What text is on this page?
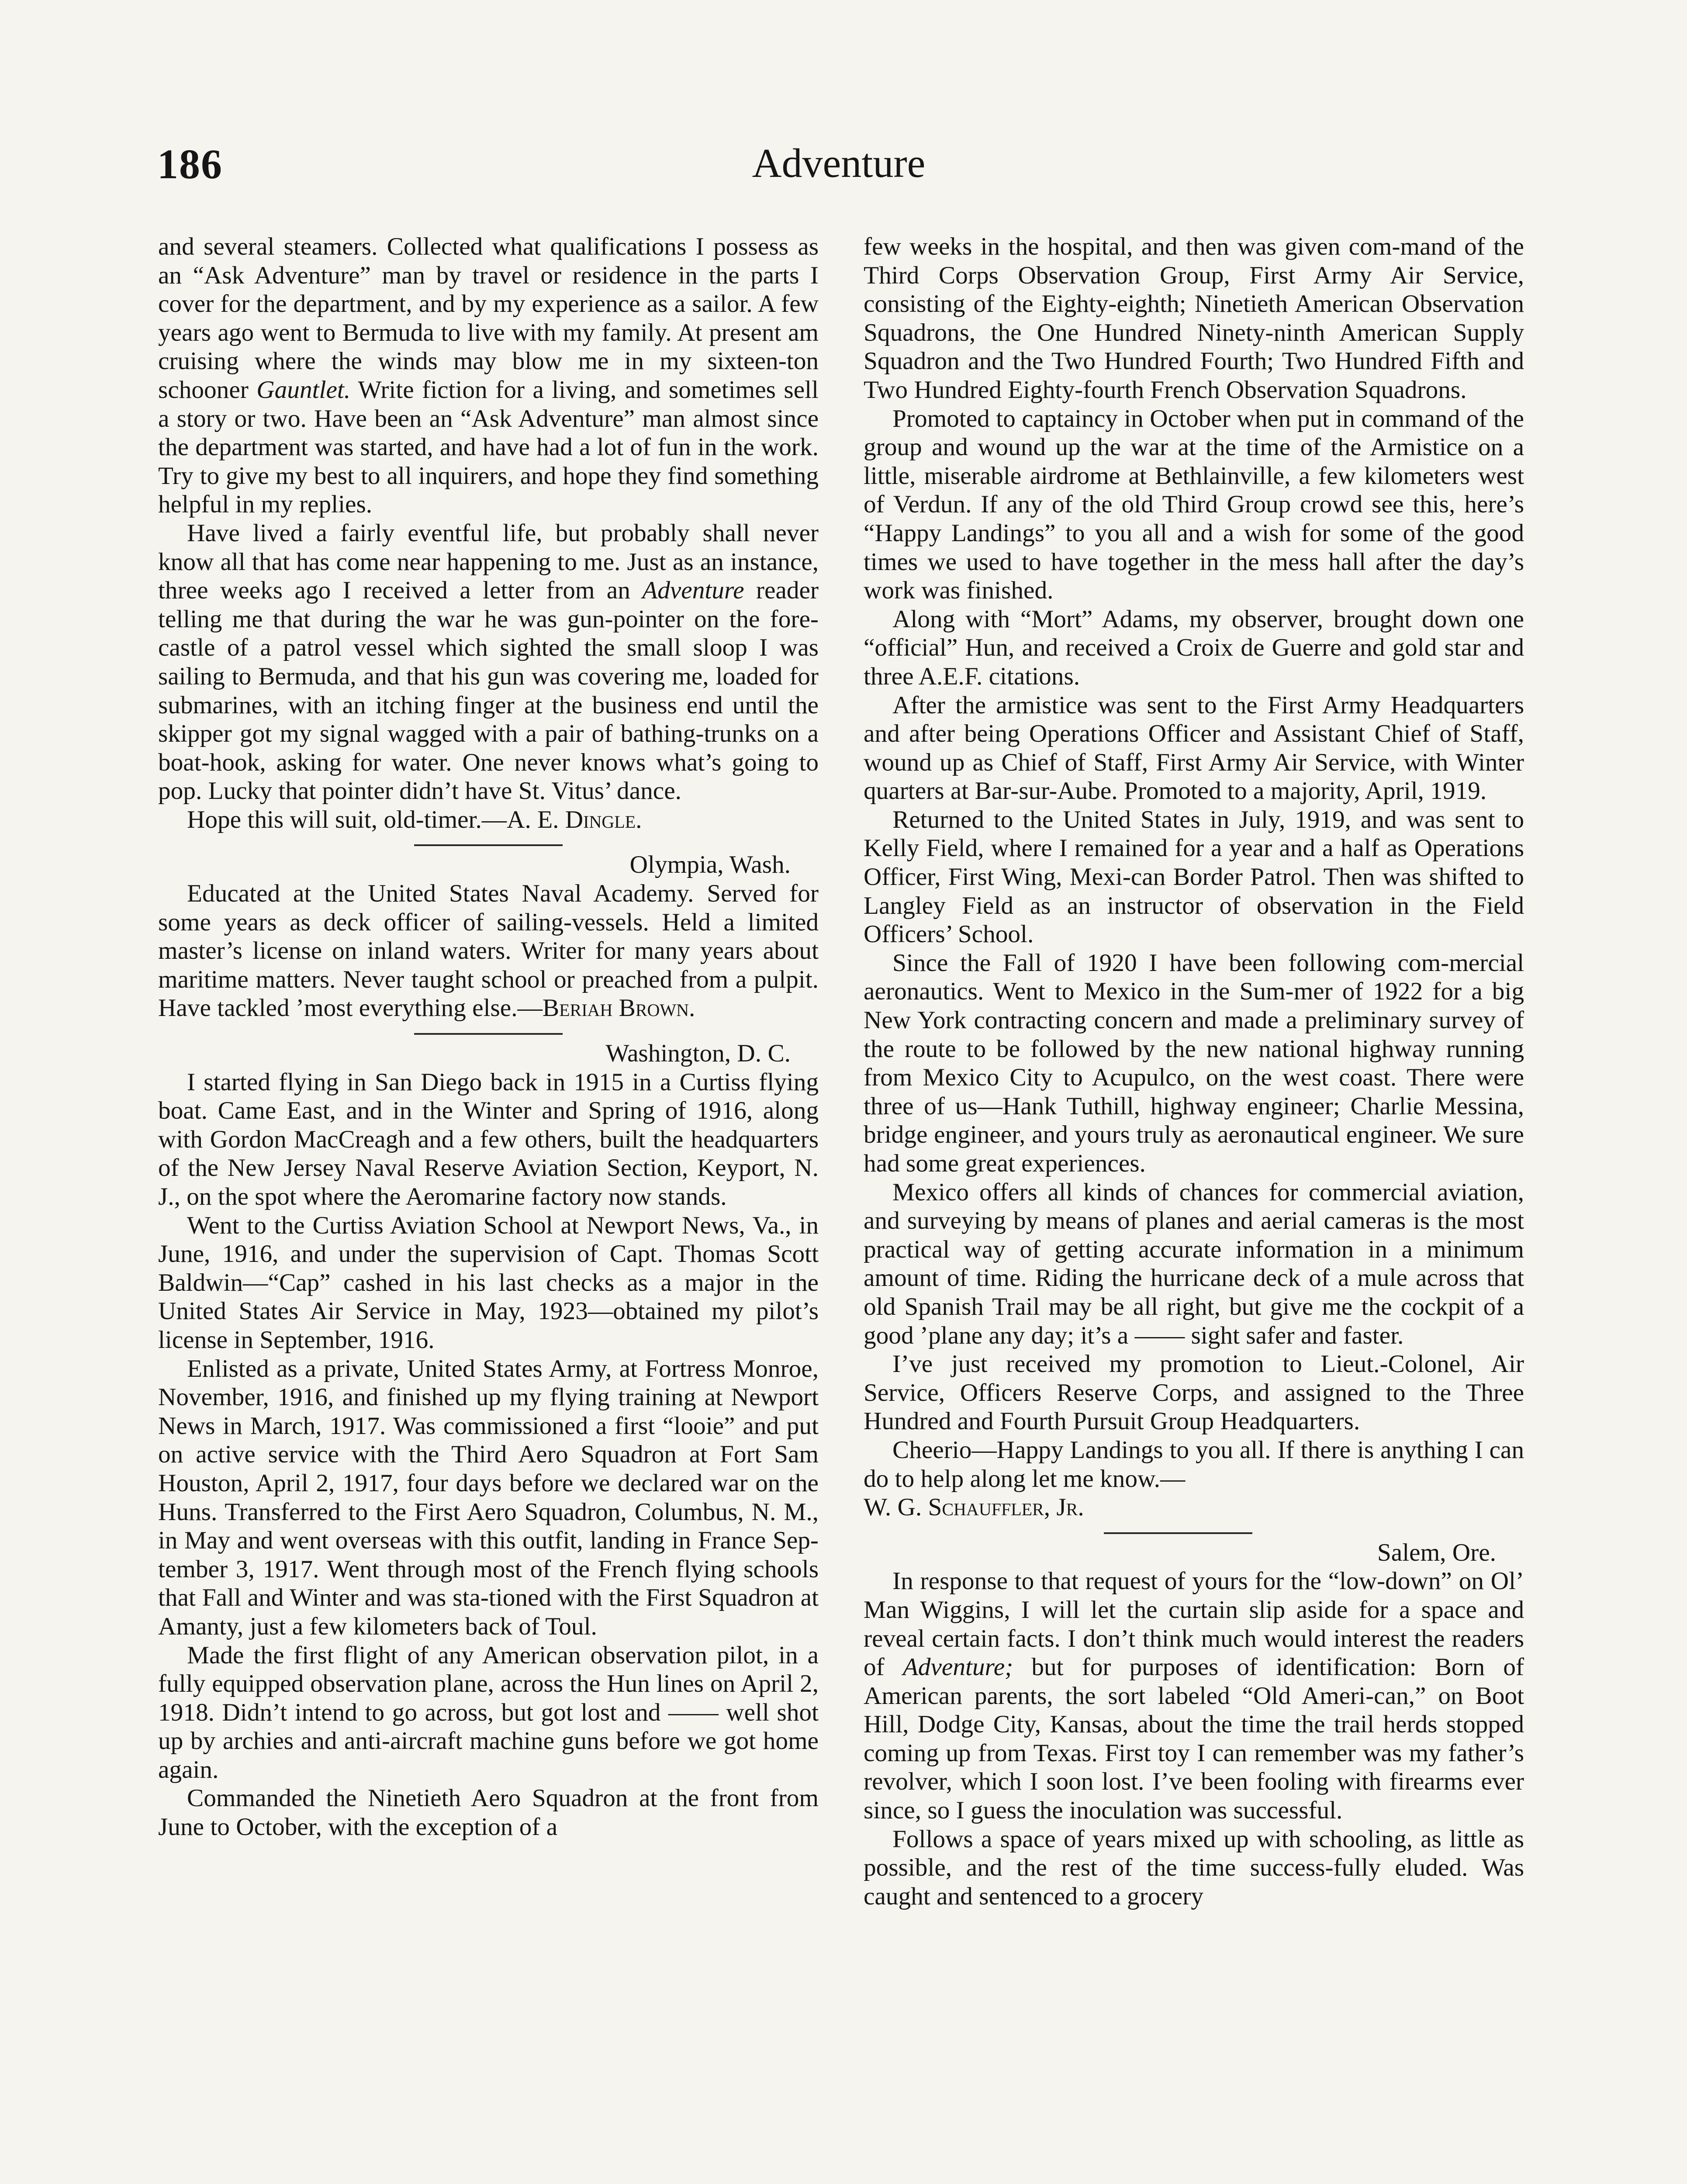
186	Adventure

and several steamers. Collected what qualifications I possess as an “Ask Adventure” man by travel or residence in the parts I cover for the department, and by my experience as a sailor. A few years ago went to Bermuda to live with my family. At present am cruising where the winds may blow me in my sixteen-ton schooner Gauntlet. Write fiction for a living, and sometimes sell a story or two. Have been an “Ask Adventure” man almost since the department was started, and have had a lot of fun in the work. Try to give my best to all inquirers, and hope they find something helpful in my replies.

Have lived a fairly eventful life, but probably shall never know all that has come near happening to me. Just as an instance, three weeks ago I received a letter from an Adventure reader telling me that during the war he was gun-pointer on the fore-castle of a patrol vessel which sighted the small sloop I was sailing to Bermuda, and that his gun was covering me, loaded for submarines, with an itching finger at the business end until the skipper got my signal wagged with a pair of bathing-trunks on a boat-hook, asking for water. One never knows what’s going to pop. Lucky that pointer didn’t have St. Vitus’ dance.

Hope this will suit, old-timer.—A. E. Dingle.

Olympia, Wash.

Educated at the United States Naval Academy. Served for some years as deck officer of sailing-vessels. Held a limited master’s license on inland waters. Writer for many years about maritime matters. Never taught school or preached from a pulpit. Have tackled ’most everything else.—Beriah Brown.

Washington, D. C.

I started flying in San Diego back in 1915 in a Curtiss flying boat. Came East, and in the Winter and Spring of 1916, along with Gordon MacCreagh and a few others, built the headquarters of the New Jersey Naval Reserve Aviation Section, Keyport, N. J., on the spot where the Aeromarine factory now stands.

Went to the Curtiss Aviation School at Newport News, Va., in June, 1916, and under the supervision of Capt. Thomas Scott Baldwin—“Cap” cashed in his last checks as a major in the United States Air Service in May, 1923—obtained my pilot’s license in September, 1916.

Enlisted as a private, United States Army, at Fortress Monroe, November, 1916, and finished up my flying training at Newport News in March, 1917. Was commissioned a first “looie” and put on active service with the Third Aero Squadron at Fort Sam Houston, April 2, 1917, four days before we declared war on the Huns. Transferred to the First Aero Squadron, Columbus, N. M., in May and went overseas with this outfit, landing in France Sep-tember 3, 1917. Went through most of the French flying schools that Fall and Winter and was sta-tioned with the First Squadron at Amanty, just a few kilometers back of Toul.

Made the first flight of any American observation pilot, in a fully equipped observation plane, across the Hun lines on April 2, 1918. Didn’t intend to go across, but got lost and —— well shot up by archies and anti-aircraft machine guns before we got home again.

Commanded the Ninetieth Aero Squadron at the front from June to October, with the exception of a

few weeks in the hospital, and then was given com-mand of the Third Corps Observation Group, First Army Air Service, consisting of the Eighty-eighth; Ninetieth American Observation Squadrons, the One Hundred Ninety-ninth American Supply Squadron and the Two Hundred Fourth; Two Hundred Fifth and Two Hundred Eighty-fourth French Observation Squadrons.

Promoted to captaincy in October when put in command of the group and wound up the war at the time of the Armistice on a little, miserable airdrome at Bethlainville, a few kilometers west of Verdun. If any of the old Third Group crowd see this, here’s “Happy Landings” to you all and a wish for some of the good times we used to have together in the mess hall after the day’s work was finished.

Along with “Mort” Adams, my observer, brought down one “official” Hun, and received a Croix de Guerre and gold star and three A.E.F. citations.

After the armistice was sent to the First Army Headquarters and after being Operations Officer and Assistant Chief of Staff, wound up as Chief of Staff, First Army Air Service, with Winter quarters at Bar-sur-Aube. Promoted to a majority, April, 1919.

Returned to the United States in July, 1919, and was sent to Kelly Field, where I remained for a year and a half as Operations Officer, First Wing, Mexi-can Border Patrol. Then was shifted to Langley Field as an instructor of observation in the Field Officers’ School.

Since the Fall of 1920 I have been following com-mercial aeronautics. Went to Mexico in the Sum-mer of 1922 for a big New York contracting concern and made a preliminary survey of the route to be followed by the new national highway running from Mexico City to Acupulco, on the west coast. There were three of us—Hank Tuthill, highway engineer; Charlie Messina, bridge engineer, and yours truly as aeronautical engineer. We sure had some great experiences.

Mexico offers all kinds of chances for commercial aviation, and surveying by means of planes and aerial cameras is the most practical way of getting accurate information in a minimum amount of time. Riding the hurricane deck of a mule across that old Spanish Trail may be all right, but give me the cockpit of a good ’plane any day; it’s a —— sight safer and faster.

I’ve just received my promotion to Lieut.-Colonel, Air Service, Officers Reserve Corps, and assigned to the Three Hundred and Fourth Pursuit Group Headquarters.

Cheerio—Happy Landings to you all. If there is anything I can do to help along let me know.—
W. G. Schauffler, Jr.

Salem, Ore.

In response to that request of yours for the “low-down” on Ol’ Man Wiggins, I will let the curtain slip aside for a space and reveal certain facts. I don’t think much would interest the readers of Adventure; but for purposes of identification: Born of American parents, the sort labeled “Old Ameri-can,” on Boot Hill, Dodge City, Kansas, about the time the trail herds stopped coming up from Texas. First toy I can remember was my father’s revolver, which I soon lost. I’ve been fooling with firearms ever since, so I guess the inoculation was successful.

Follows a space of years mixed up with schooling, as little as possible, and the rest of the time success-fully eluded. Was caught and sentenced to a grocery
